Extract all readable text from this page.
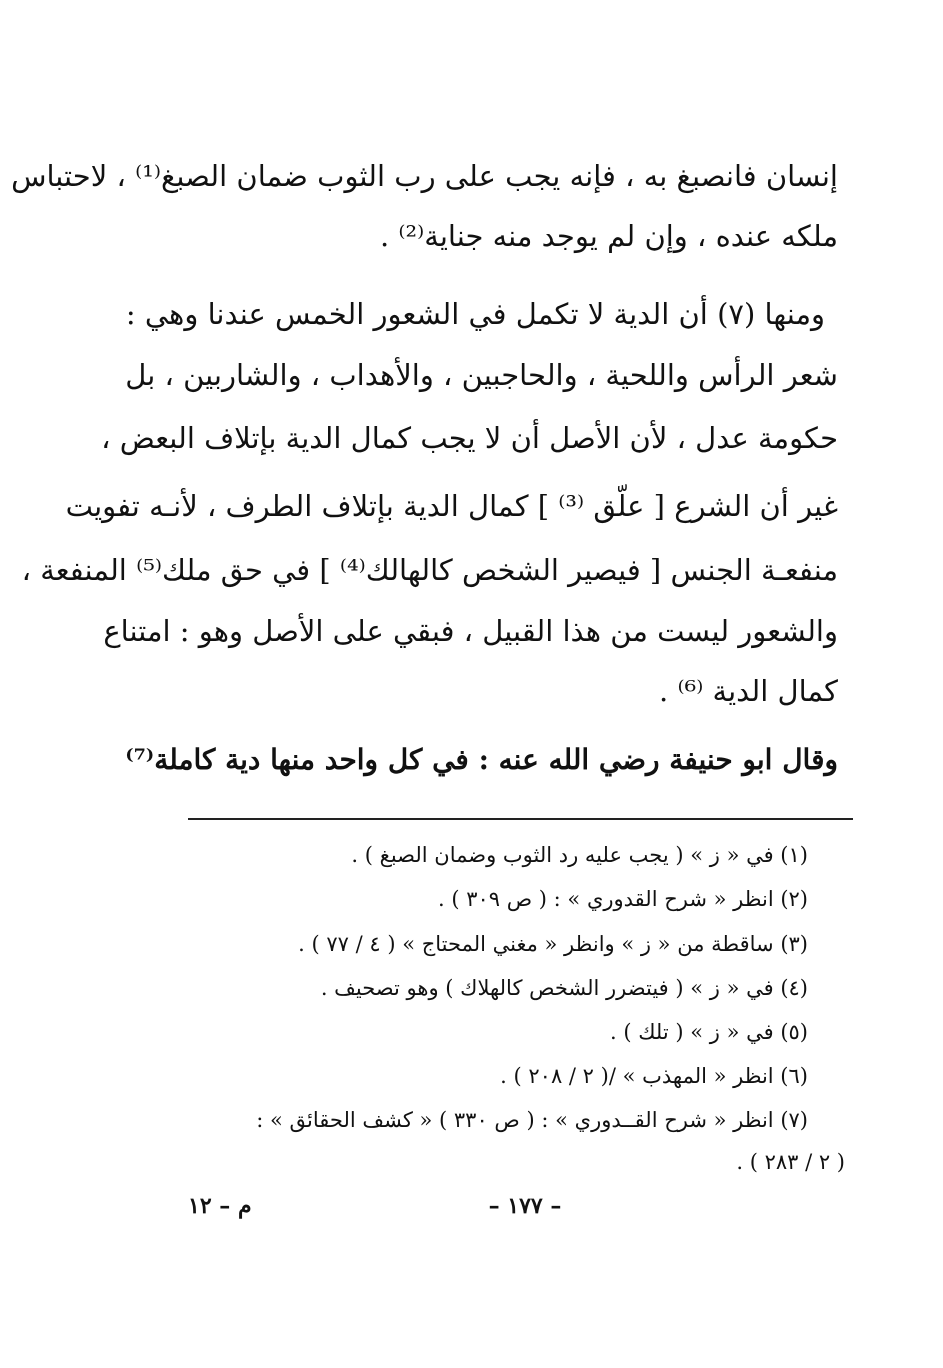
إنسان فانصبغ به ، فإنه يجب على رب الثوب ضمان الصبغ⁽¹⁾ ، لاحتباس
ملكه عنده ، وإن لم يوجد منه جناية⁽²⁾ .
ومنها (٧) أن الدية لا تكمل في الشعور الخمس عندنا وهي :
شعر الرأس واللحية ، والحاجبين ، والأهداب ، والشاربين ، بل
حكومة عدل ، لأن الأصل أن لا يجب كمال الدية بإتلاف البعض ،
غير أن الشرع [ علّق ⁽³⁾ ] كمال الدية بإتلاف الطرف ، لأنـه تفويت
منفعـة الجنس [ فيصير الشخص كالهالك⁽⁴⁾ ] في حق ملك⁽⁵⁾ المنفعة ،
والشعور ليست من هذا القبيل ، فبقي على الأصل وهو : امتناع
كمال الدية ⁽⁶⁾ .
وقال ابو حنيفة رضي الله عنه : في كل واحد منها دية كاملة⁽⁷⁾
(١) في « ز » ( يجب عليه رد الثوب وضمان الصبغ ) .
(٢) انظر « شرح القدوري » : ( ص ٣٠٩ ) .
(٣) ساقطة من « ز » وانظر « مغني المحتاج » ( ٤ / ٧٧ ) .
(٤) في « ز » ( فيتضرر الشخص كالهلاك ) وهو تصحيف .
(٥) في « ز » ( تلك ) .
(٦) انظر « المهذب » /( ٢ / ٢٠٨ ) .
(٧) انظر « شرح القــدوري » : ( ص ٣٣٠ ) « كشف الحقائق » :
( ٢ / ٢٨٣ ) .
– ١٧٧ –
م – ١٢
